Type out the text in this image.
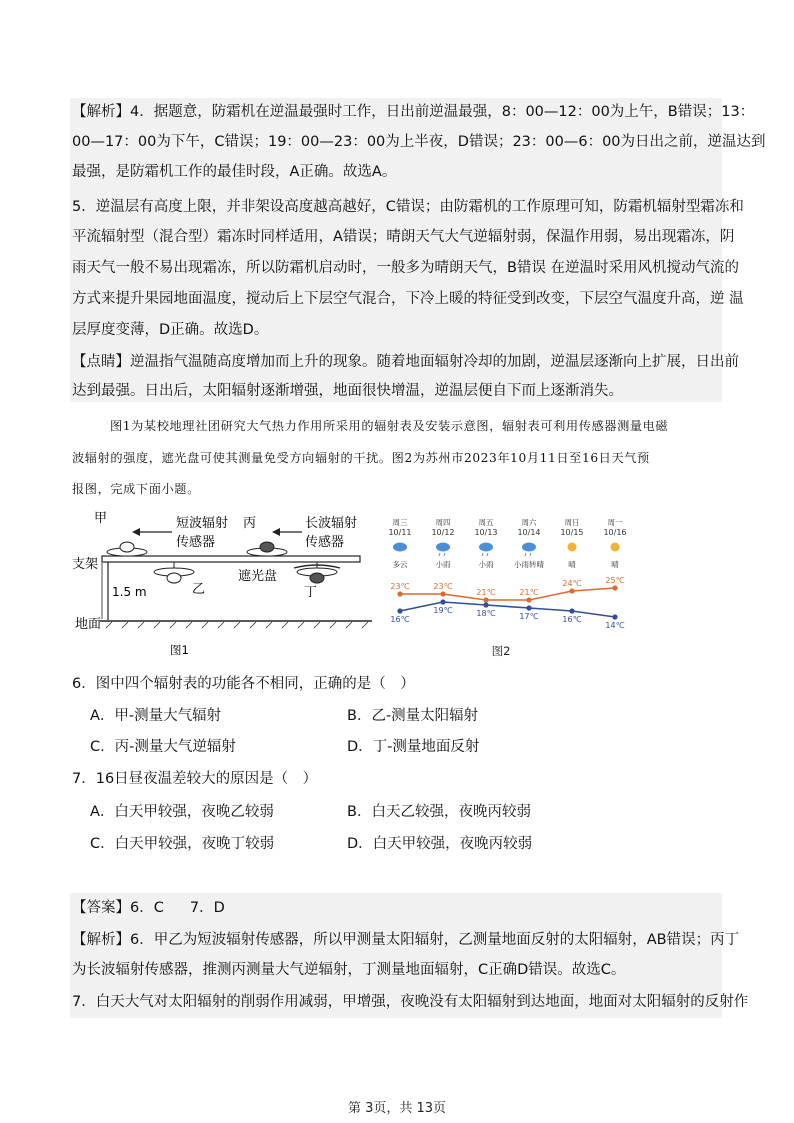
【解析】4．据题意，防霜机在逆温最强时工作，日出前逆温最强，8：00—12：00为上午，B错误；13：
00—17：00为下午，C错误；19：00—23：00为上半夜，D错误；23：00—6：00为日出之前，逆温达到
最强，是防霜机工作的最佳时段，A正确。故选A。
5．逆温层有高度上限，并非架设高度越高越好，C错误；由防霜机的工作原理可知，防霜机辐射型霜冻和
平流辐射型（混合型）霜冻时同样适用，A错误；晴朗天气大气逆辐射弱，保温作用弱，易出现霜冻，阴
雨天气一般不易出现霜冻，所以防霜机启动时，一般多为晴朗天气，B错误 在逆温时采用风机搅动气流的
方式来提升果园地面温度，搅动后上下层空气混合，下冷上暖的特征受到改变，下层空气温度升高，逆 温
层厚度变薄，D正确。故选D。
【点睛】逆温指气温随高度增加而上升的现象。随着地面辐射冷却的加剧，逆温层逐渐向上扩展，日出前
达到最强。日出后，太阳辐射逐渐增强，地面很快增温，逆温层便自下而上逐渐消失。
图1为某校地理社团研究大气热力作用所采用的辐射表及安装示意图，辐射表可利用传感器测量电磁
波辐射的强度，遮光盘可使其测量免受方向辐射的干扰。图2为苏州市2023年10月11日至16日天气预
报图，完成下面小题。
甲	短波辐射
传感器
丙	长波辐射
传感器
支架
1.5 m	乙
遮光盘
丁
地面
图1
周三
10/11
多云
23℃
16℃
周四
10/12
小雨
23℃
19℃
周五
10/13
小雨
21℃
18℃
周六
10/14
小雨转晴
21℃
17℃
周日
10/15
晴
24℃
16℃
周一
10/16
晴
25℃
14℃
图2
6．图中四个辐射表的功能各不相同，正确的是（　）
A．甲-测量大气辐射	B．乙-测量太阳辐射
C．丙-测量大气逆辐射	D．丁-测量地面反射
7．16日昼夜温差较大的原因是（　）
A．白天甲较强，夜晚乙较弱	B．白天乙较强，夜晚丙较弱
C．白天甲较强，夜晚丁较弱	D．白天甲较强，夜晚丙较弱
【答案】6．C 7．D
【解析】6．甲乙为短波辐射传感器，所以甲测量太阳辐射，乙测量地面反射的太阳辐射，AB错误；丙丁
为长波辐射传感器，推测丙测量大气逆辐射，丁测量地面辐射，C正确D错误。故选C。
7．白天大气对太阳辐射的削弱作用减弱，甲增强，夜晚没有太阳辐射到达地面，地面对太阳辐射的反射作
第 3页，共 13页
